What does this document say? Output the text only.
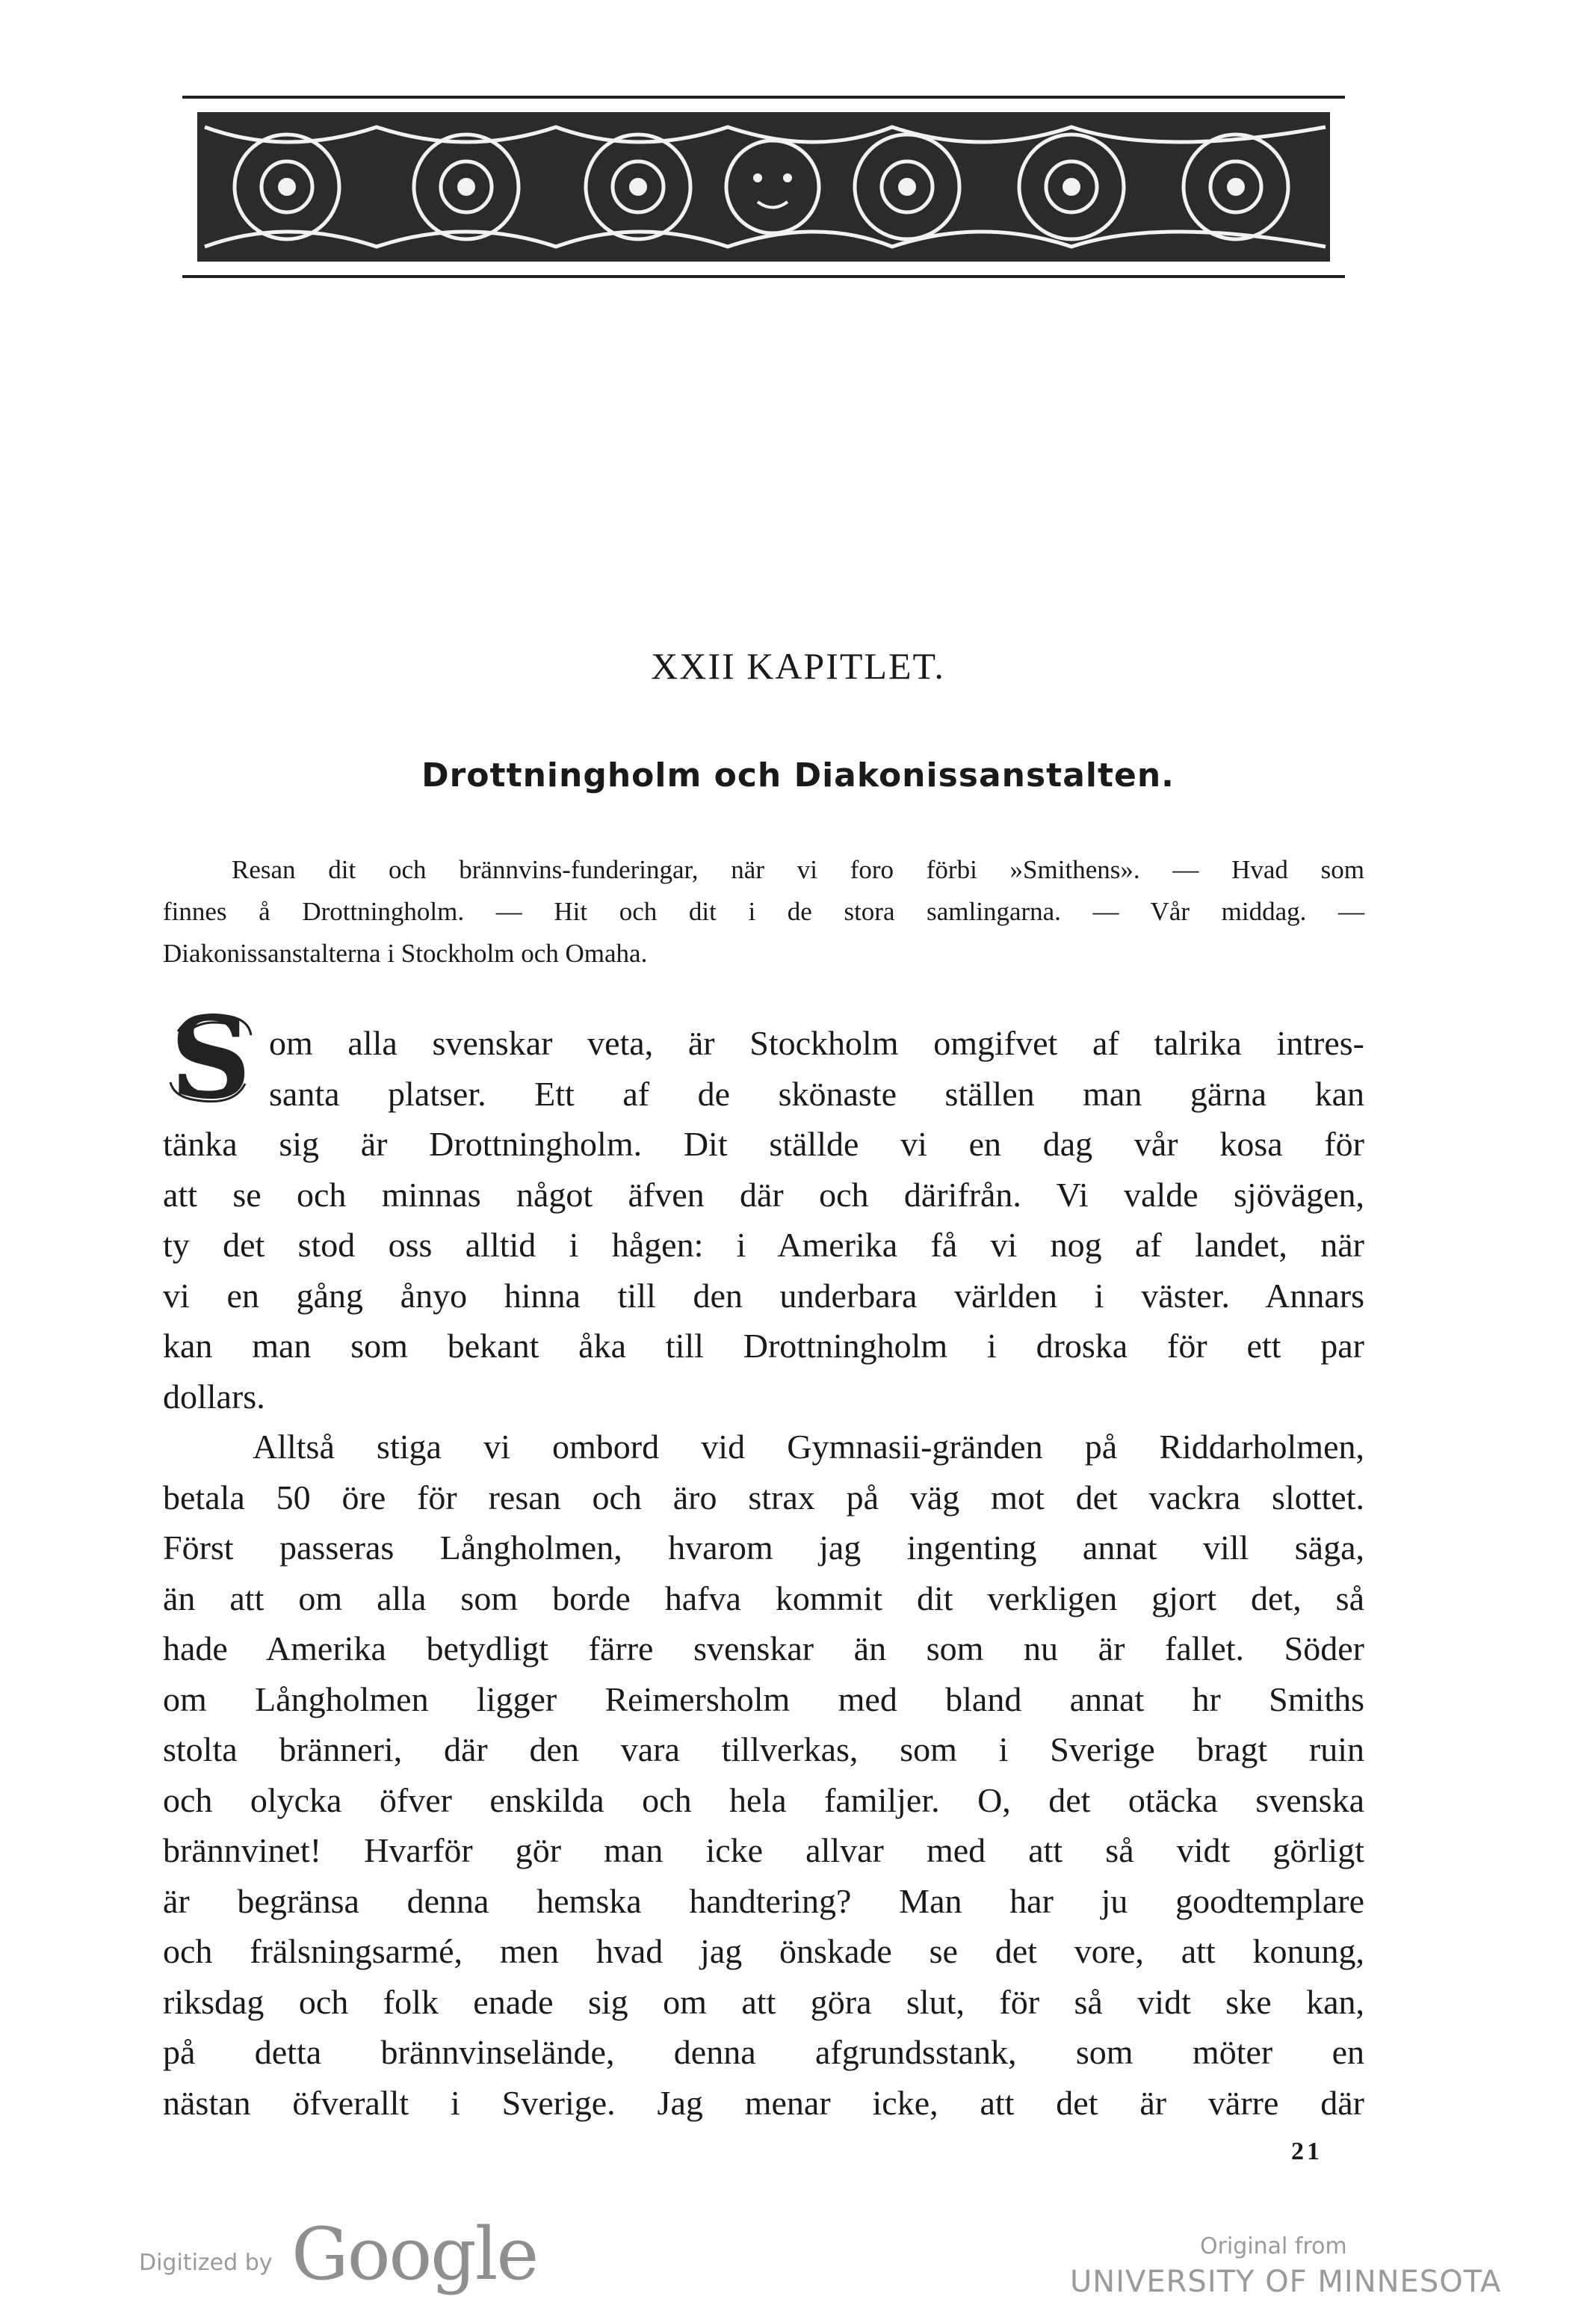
XXII KAPITLET.
Drottningholm och Diakonissanstalten.
Resan dit och brännvins-funderingar, när vi foro förbi »Smithens». — Hvad som
finnes å Drottningholm. — Hit och dit i de stora samlingarna. — Vår middag. —
Diakonissanstalterna i Stockholm och Omaha.
S om alla svenskar veta, är Stockholm omgifvet af talrika intres-
santa platser. Ett af de skönaste ställen man gärna kan
tänka sig är Drottningholm. Dit ställde vi en dag vår kosa för
att se och minnas något äfven där och därifrån. Vi valde sjövägen,
ty det stod oss alltid i hågen: i Amerika få vi nog af landet, när
vi en gång ånyo hinna till den underbara världen i väster. Annars
kan man som bekant åka till Drottningholm i droska för ett par
dollars.
Alltså stiga vi ombord vid Gymnasii-gränden på Riddarholmen,
betala 50 öre för resan och äro strax på väg mot det vackra slottet.
Först passeras Långholmen, hvarom jag ingenting annat vill säga,
än att om alla som borde hafva kommit dit verkligen gjort det, så
hade Amerika betydligt färre svenskar än som nu är fallet. Söder
om Långholmen ligger Reimersholm med bland annat hr Smiths
stolta bränneri, där den vara tillverkas, som i Sverige bragt ruin
och olycka öfver enskilda och hela familjer. O, det otäcka svenska
brännvinet! Hvarför gör man icke allvar med att så vidt görligt
är begränsa denna hemska handtering? Man har ju goodtemplare
och frälsningsarmé, men hvad jag önskade se det vore, att konung,
riksdag och folk enade sig om att göra slut, för så vidt ske kan,
på detta brännvinselände, denna afgrundsstank, som möter en
nästan öfverallt i Sverige. Jag menar icke, att det är värre där
21
Digitized by Google	Original from
UNIVERSITY OF MINNESOTA
